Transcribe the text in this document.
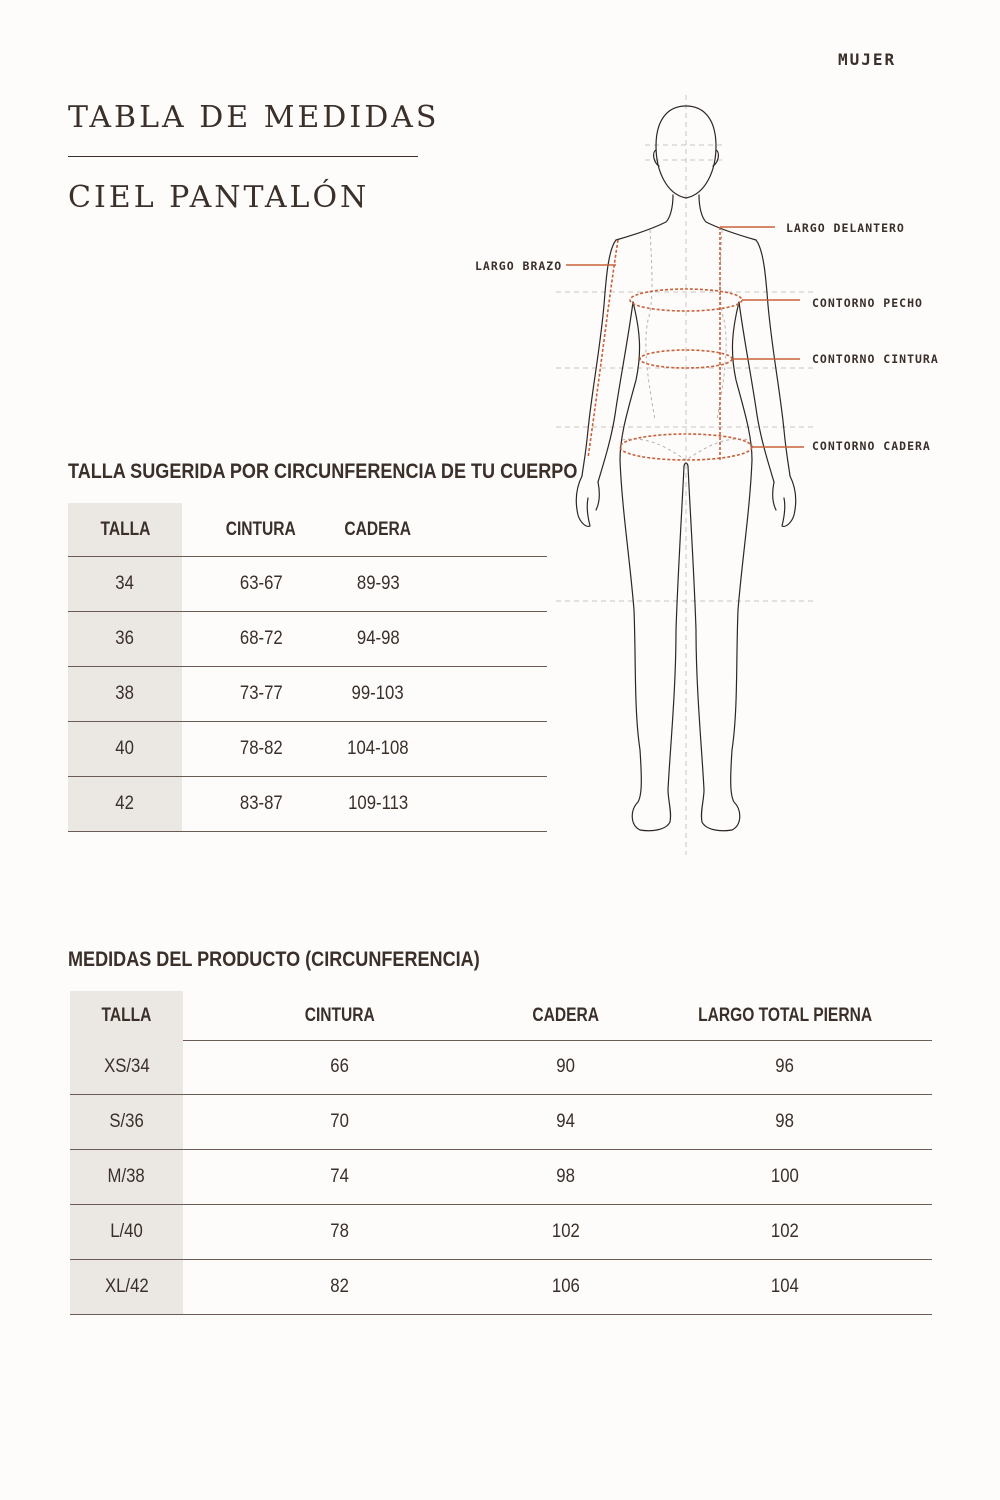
MUJER
TABLA DE MEDIDAS
CIEL PANTALÓN
LARGO DELANTERO
LARGO BRAZO
CONTORNO PECHO
CONTORNO CINTURA
CONTORNO CADERA
TALLA SUGERIDA POR CIRCUNFERENCIA DE TU CUERPO
TALLA	CINTURA	CADERA
34	63-67	89-93
36	68-72	94-98
38	73-77	99-103
40	78-82	104-108
42	83-87	109-113
MEDIDAS DEL PRODUCTO (CIRCUNFERENCIA)
TALLA	CINTURA	CADERA	LARGO TOTAL PIERNA
XS/34	66	90	96
S/36	70	94	98
M/38	74	98	100
L/40	78	102	102
XL/42	82	106	104
